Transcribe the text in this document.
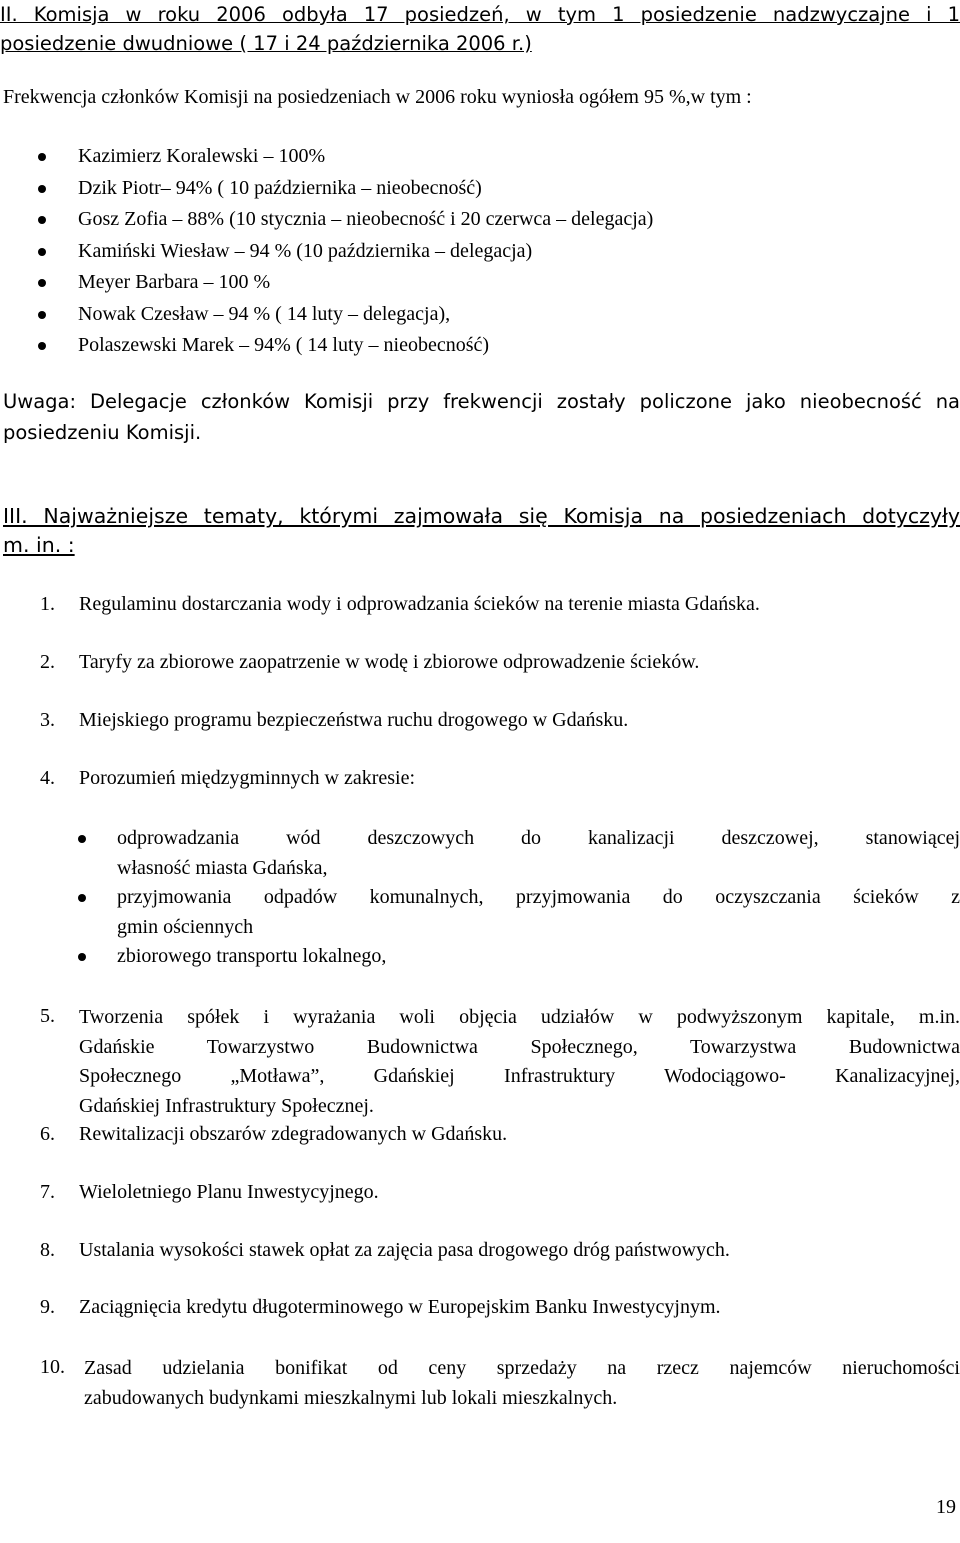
II. Komisja w roku 2006 odbyła 17 posiedzeń, w tym 1 posiedzenie nadzwyczajne i 1
posiedzenie dwudniowe ( 17 i 24 października 2006 r.)
Frekwencja członków Komisji na posiedzeniach w 2006 roku wyniosła ogółem 95 %,w tym :
Kazimierz Koralewski – 100%
Dzik Piotr– 94% ( 10 października – nieobecność)
Gosz Zofia – 88% (10 stycznia – nieobecność i 20 czerwca – delegacja)
Kamiński Wiesław – 94 % (10 października – delegacja)
Meyer Barbara – 100 %
Nowak Czesław – 94 % ( 14 luty – delegacja),
Polaszewski Marek – 94% ( 14 luty – nieobecność)
Uwaga: Delegacje członków Komisji przy frekwencji zostały policzone jako nieobecność na
posiedzeniu Komisji.
III. Najważniejsze tematy, którymi zajmowała się Komisja na posiedzeniach dotyczyły
m. in. :
1. Regulaminu dostarczania wody i odprowadzania ścieków na terenie miasta Gdańska.
2. Taryfy za zbiorowe zaopatrzenie w wodę i zbiorowe odprowadzenie ścieków.
3. Miejskiego programu bezpieczeństwa ruchu drogowego w Gdańsku.
4. Porozumień międzygminnych w zakresie:
odprowadzania wód deszczowych do kanalizacji deszczowej, stanowiącej
własność miasta Gdańska,
przyjmowania odpadów komunalnych, przyjmowania do oczyszczania ścieków z
gmin ościennych
zbiorowego transportu lokalnego,
5. Tworzenia spółek i wyrażania woli objęcia udziałów w podwyższonym kapitale, m.in.
Gdańskie Towarzystwo Budownictwa Społecznego, Towarzystwa Budownictwa
Społecznego „Motława”, Gdańskiej Infrastruktury Wodociągowo- Kanalizacyjnej,
Gdańskiej Infrastruktury Społecznej.
6. Rewitalizacji obszarów zdegradowanych w Gdańsku.
7. Wieloletniego Planu Inwestycyjnego.
8. Ustalania wysokości stawek opłat za zajęcia pasa drogowego dróg państwowych.
9. Zaciągnięcia kredytu długoterminowego w Europejskim Banku Inwestycyjnym.
10. Zasad udzielania bonifikat od ceny sprzedaży na rzecz najemców nieruchomości
zabudowanych budynkami mieszkalnymi lub lokali mieszkalnych.
19
